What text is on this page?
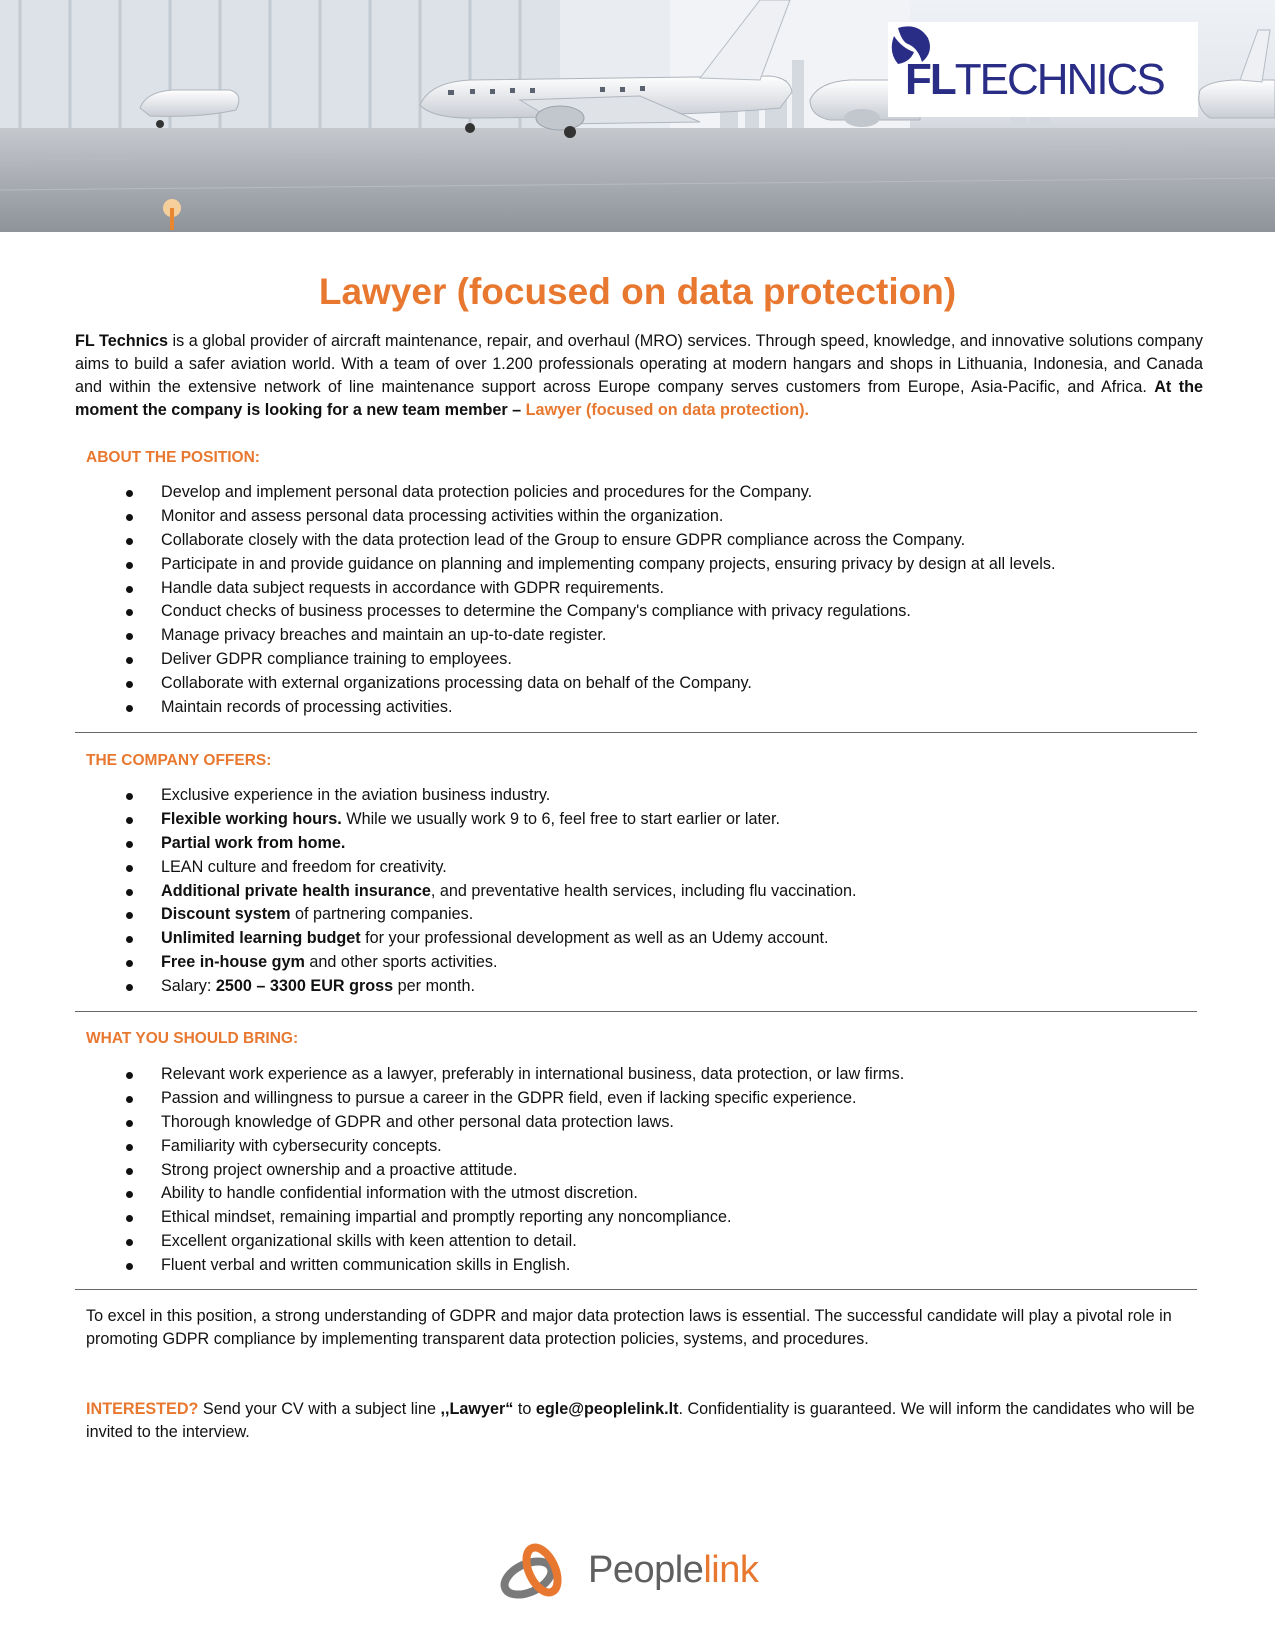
FLTECHNICS
Lawyer (focused on data protection)

FL Technics is a global provider of aircraft maintenance, repair, and overhaul (MRO) services. Through speed, knowledge, and innovative solutions company aims to build a safer aviation world. With a team of over 1.200 professionals operating at modern hangars and shops in Lithuania, Indonesia, and Canada and within the extensive network of line maintenance support across Europe company serves customers from Europe, Asia-Pacific, and Africa. At the moment the company is looking for a new team member – Lawyer (focused on data protection).

ABOUT THE POSITION:
Develop and implement personal data protection policies and procedures for the Company.
Monitor and assess personal data processing activities within the organization.
Collaborate closely with the data protection lead of the Group to ensure GDPR compliance across the Company.
Participate in and provide guidance on planning and implementing company projects, ensuring privacy by design at all levels.
Handle data subject requests in accordance with GDPR requirements.
Conduct checks of business processes to determine the Company's compliance with privacy regulations.
Manage privacy breaches and maintain an up-to-date register.
Deliver GDPR compliance training to employees.
Collaborate with external organizations processing data on behalf of the Company.
Maintain records of processing activities.
THE COMPANY OFFERS:
Exclusive experience in the aviation business industry.
Flexible working hours. While we usually work 9 to 6, feel free to start earlier or later.
Partial work from home.
LEAN culture and freedom for creativity.
Additional private health insurance, and preventative health services, including flu vaccination.
Discount system of partnering companies.
Unlimited learning budget for your professional development as well as an Udemy account.
Free in-house gym and other sports activities.
Salary: 2500 – 3300 EUR gross per month.
WHAT YOU SHOULD BRING:
Relevant work experience as a lawyer, preferably in international business, data protection, or law firms.
Passion and willingness to pursue a career in the GDPR field, even if lacking specific experience.
Thorough knowledge of GDPR and other personal data protection laws.
Familiarity with cybersecurity concepts.
Strong project ownership and a proactive attitude.
Ability to handle confidential information with the utmost discretion.
Ethical mindset, remaining impartial and promptly reporting any noncompliance.
Excellent organizational skills with keen attention to detail.
Fluent verbal and written communication skills in English.

To excel in this position, a strong understanding of GDPR and major data protection laws is essential. The successful candidate will play a pivotal role in promoting GDPR compliance by implementing transparent data protection policies, systems, and procedures.

INTERESTED? Send your CV with a subject line ,,Lawyer“ to egle@peoplelink.lt. Confidentiality is guaranteed. We will inform the candidates who will be invited to the interview.

Peoplelink
